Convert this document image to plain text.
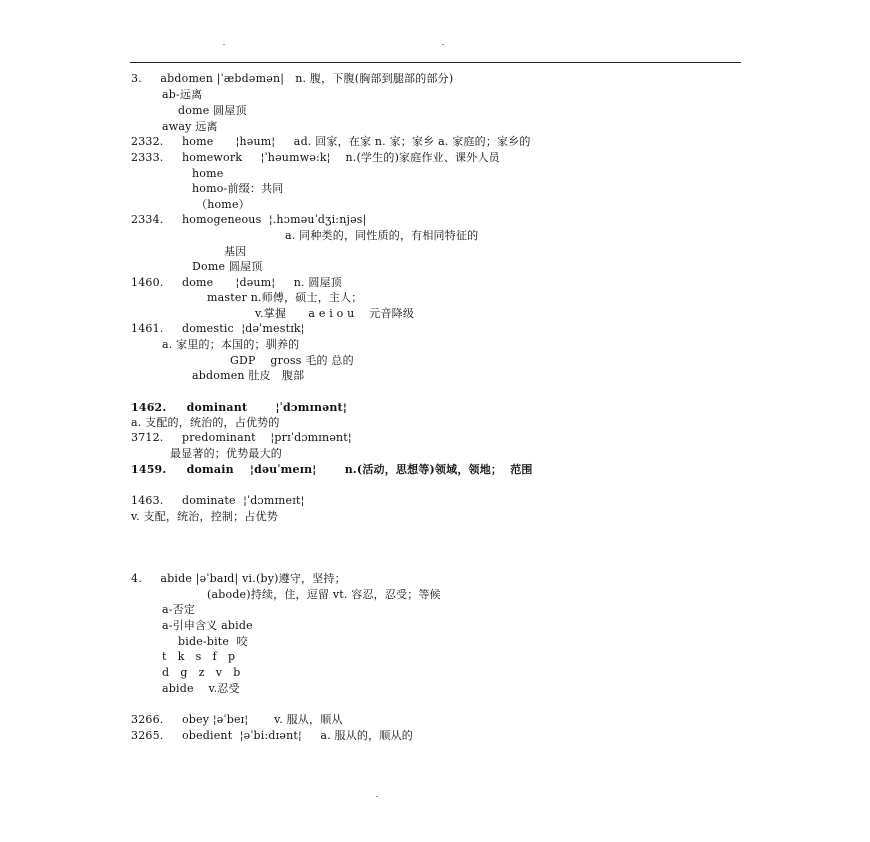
3.     abdomen |ˈæbdəmən|   n. 腹，下腹(胸部到腿部的部分)
ab-远离
dome 圆屋顶
away 远离
2332.     home      ¦həum¦     ad. 回家，在家 n. 家；家乡 a. 家庭的；家乡的
2333.     homework     ¦ˈhəumwə:k¦    n.(学生的)家庭作业、课外人员
home
homo-前缀：共同
（home）
2334.     homogeneous  ¦.hɔməuˈdʒi:njəs|
a. 同种类的，同性质的，有相同特征的
基因
Dome 圆屋顶
1460.     dome      ¦dəum¦     n. 圆屋顶
master n.师傅，硕士，主人；
v.掌握      a e i o u    元音降级
1461.     domestic  ¦dəˈmestɪk¦
a. 家里的；本国的；驯养的
GDP    gross 毛的 总的
abdomen 肚皮   腹部
1462.     dominant       ¦ˈdɔmɪnənt¦
a. 支配的，统治的，占优势的
3712.     predominant    ¦prɪˈdɔmɪnənt¦
最显著的；优势最大的
1459.     domain    ¦dəuˈmeɪn¦       n.(活动，思想等)领域，领地；  范围
1463.     dominate  ¦ˈdɔmɪneɪt¦
v. 支配，统治，控制；占优势
4.     abide |əˈbaɪd| vi.(by)遵守，坚持；
(abode)持续，住，逗留 vt. 容忍，忍受；等候
a-否定
a-引申含义 abide
bide-bite  咬
t   k   s   f   p
d   g   z   v   b
abide    v.忍受
3266.     obey ¦əˈbeɪ¦       v. 服从，顺从
3265.     obedient  ¦əˈbi:dɪənt¦     a. 服从的，顺从的
